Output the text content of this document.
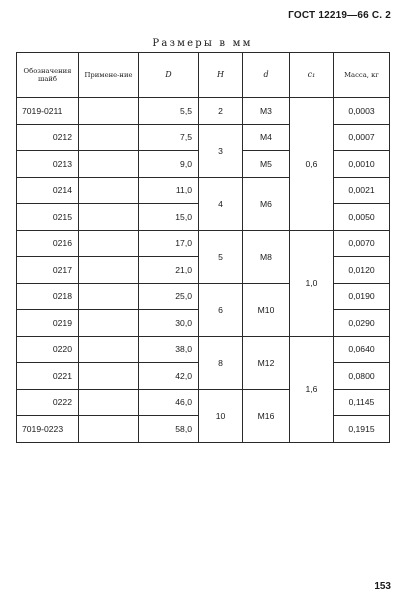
ГОСТ 12219—66 С. 2
Размеры в мм
Обозначения шайб	Примене-ние	D	H	d	c₁	Масса, кг
7019-0211		5,5	2	М3	0,6	0,0003
0212		7,5	3	М4		0,0007
0213		9,0		М5		0,0010
0214		11,0	4	М6		0,0021
0215		15,0				0,0050
0216		17,0	5	М8	1,0	0,0070
0217		21,0				0,0120
0218		25,0	6	М10		0,0190
0219		30,0				0,0290
0220		38,0	8	М12	1,6	0,0640
0221		42,0				0,0800
0222		46,0	10	М16		0,1145
7019-0223		58,0				0,1915
153
